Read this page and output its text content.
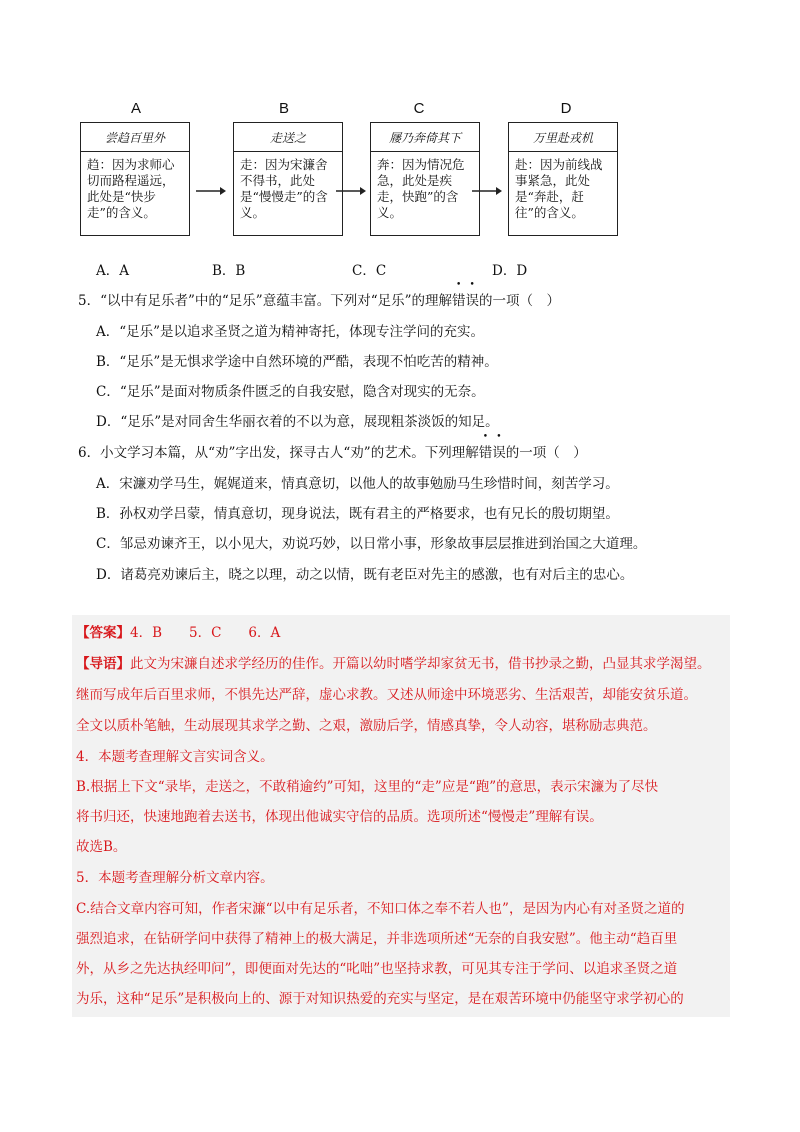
A	B	C	D
尝趋百里外
趋：因为求师心切而路程遥远，此处是“快步走”的含义。
走送之
走：因为宋濂舍不得书，此处是“慢慢走”的含义。
屦乃奔倚其下
奔：因为情况危急，此处是疾走，快跑”的含义。
万里赴戎机
赴：因为前线战事紧急，此处是“奔赴，赶往”的含义。
A．A	B．B	C．C	D．D
5．“以中有足乐者”中的“足乐”意蕴丰富。下列对“足乐”的理解错误的一项（　）
A．“足乐”是以追求圣贤之道为精神寄托，体现专注学问的充实。
B．“足乐”是无惧求学途中自然环境的严酷，表现不怕吃苦的精神。
C．“足乐”是面对物质条件匮乏的自我安慰，隐含对现实的无奈。
D．“足乐”是对同舍生华丽衣着的不以为意，展现粗茶淡饭的知足。
6．小文学习本篇，从“劝”字出发，探寻古人“劝”的艺术。下列理解错误的一项（　）
A．宋濂劝学马生，娓娓道来，情真意切，以他人的故事勉励马生珍惜时间，刻苦学习。
B．孙权劝学吕蒙，情真意切，现身说法，既有君主的严格要求，也有兄长的殷切期望。
C．邹忌劝谏齐王，以小见大，劝说巧妙，以日常小事，形象故事层层推进到治国之大道理。
D．诸葛亮劝谏后主，晓之以理，动之以情，既有老臣对先主的感激，也有对后主的忠心。
【答案】4．B　　5．C　　6．A
【导语】此文为宋濂自述求学经历的佳作。开篇以幼时嗜学却家贫无书，借书抄录之勤，凸显其求学渴望。
继而写成年后百里求师，不惧先达严辞，虚心求教。又述从师途中环境恶劣、生活艰苦，却能安贫乐道。
全文以质朴笔触，生动展现其求学之勤、之艰，激励后学，情感真挚，令人动容，堪称励志典范。
4．本题考查理解文言实词含义。
B.根据上下文“录毕，走送之，不敢稍逾约”可知，这里的“走”应是“跑”的意思，表示宋濂为了尽快
将书归还，快速地跑着去送书，体现出他诚实守信的品质。选项所述“慢慢走”理解有误。
故选B。
5．本题考查理解分析文章内容。
C.结合文章内容可知，作者宋濂“以中有足乐者，不知口体之奉不若人也”，是因为内心有对圣贤之道的
强烈追求，在钻研学问中获得了精神上的极大满足，并非选项所述“无奈的自我安慰”。他主动“趋百里
外，从乡之先达执经叩问”，即便面对先达的“叱咄”也坚持求教，可见其专注于学问、以追求圣贤之道
为乐，这种“足乐”是积极向上的、源于对知识热爱的充实与坚定，是在艰苦环境中仍能坚守求学初心的
